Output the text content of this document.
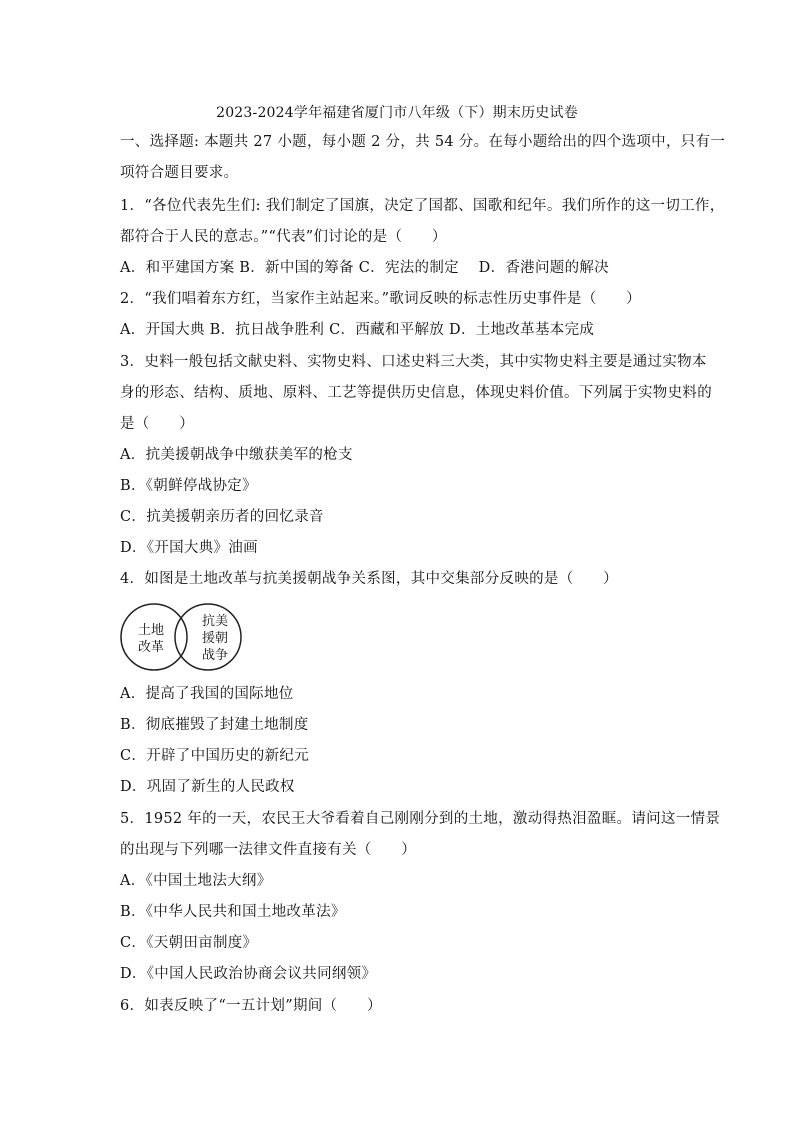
2023-2024学年福建省厦门市八年级（下）期末历史试卷
一、选择题: 本题共 27 小题，每小题 2 分，共 54 分。在每小题给出的四个选项中，只有一
项符合题目要求。
1．“各位代表先生们: 我们制定了国旗，决定了国都、国歌和纪年。我们所作的这一切工作，
都符合于人民的意志。”“代表”们讨论的是（　　）
A．和平建国方案 B．新中国的筹备 C．宪法的制定　 D．香港问题的解决
2．“我们唱着东方红，当家作主站起来。”歌词反映的标志性历史事件是（　　）
A．开国大典 B．抗日战争胜利 C．西藏和平解放 D．土地改革基本完成
3．史料一般包括文献史料、实物史料、口述史料三大类，其中实物史料主要是通过实物本
身的形态、结构、质地、原料、工艺等提供历史信息，体现史料价值。下列属于实物史料的
是（　　）
A．抗美援朝战争中缴获美军的枪支
B．《朝鲜停战协定》
C．抗美援朝亲历者的回忆录音
D．《开国大典》油画
4．如图是土地改革与抗美援朝战争关系图，其中交集部分反映的是（　　）
土地
改革
抗美
援朝
战争
A．提高了我国的国际地位
B．彻底摧毁了封建土地制度
C．开辟了中国历史的新纪元
D．巩固了新生的人民政权
5．1952 年的一天，农民王大爷看着自己刚刚分到的土地，激动得热泪盈眶。请问这一情景
的出现与下列哪一法律文件直接有关（　　）
A．《中国土地法大纲》
B．《中华人民共和国土地改革法》
C．《天朝田亩制度》
D．《中国人民政治协商会议共同纲领》
6．如表反映了“一五计划”期间（　　）
